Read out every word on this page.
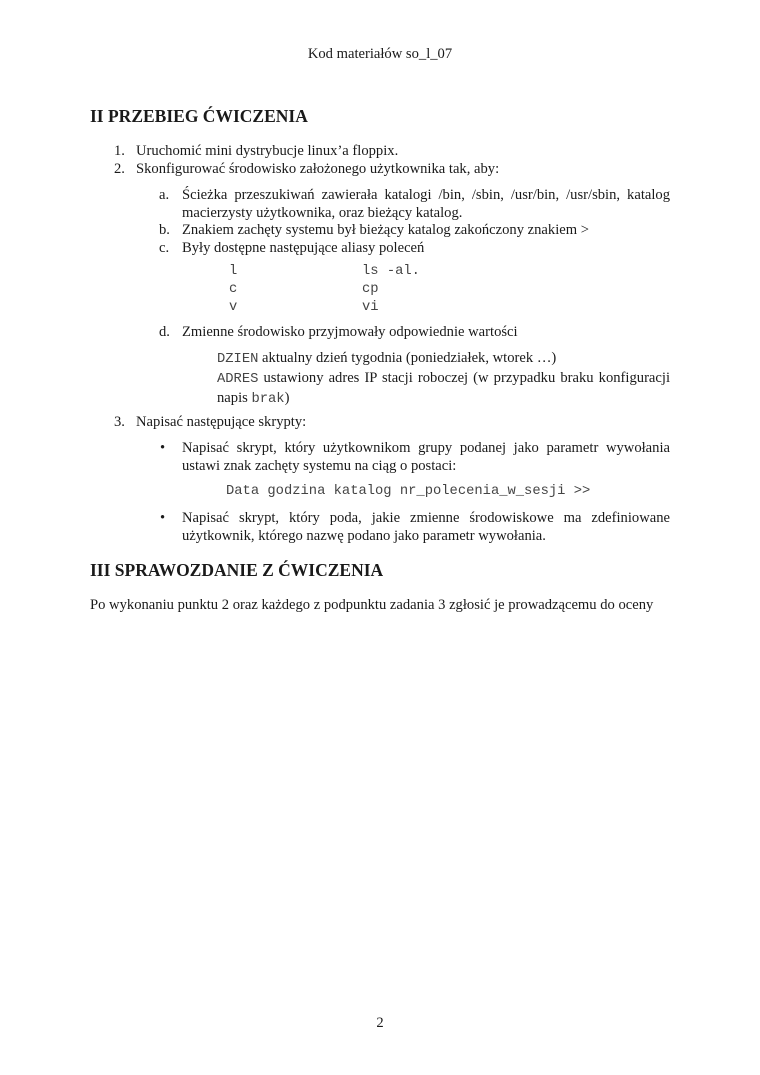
Kod materiałów so_l_07
II PRZEBIEG ĆWICZENIA
1. Uruchomić mini dystrybucje linux’a floppix.
2. Skonfigurować środowisko założonego użytkownika tak, aby:
a. Ścieżka przeszukiwań zawierała katalogi /bin, /sbin, /usr/bin, /usr/sbin, katalog macierzysty użytkownika, oraz bieżący katalog.
b. Znakiem zachęty systemu był bieżący katalog zakończony znakiem >
c. Były dostępne następujące aliasy poleceń
l	ls -al.
c	cp
v	vi
d. Zmienne środowisko przyjmowały odpowiednie wartości
DZIEN aktualny dzień tygodnia (poniedziałek, wtorek …)
ADRES ustawiony adres IP stacji roboczej (w przypadku braku konfiguracji napis brak)
3. Napisać następujące skrypty:
• Napisać skrypt, który użytkownikom grupy podanej jako parametr wywołania ustawi znak zachęty systemu na ciąg o postaci:
Data godzina katalog nr_polecenia_w_sesji >>
• Napisać skrypt, który poda, jakie zmienne środowiskowe ma zdefiniowane użytkownik, którego nazwę podano jako parametr wywołania.
III SPRAWOZDANIE Z ĆWICZENIA
Po wykonaniu punktu 2 oraz każdego z podpunktu zadania 3 zgłosić je prowadzącemu do oceny
2
